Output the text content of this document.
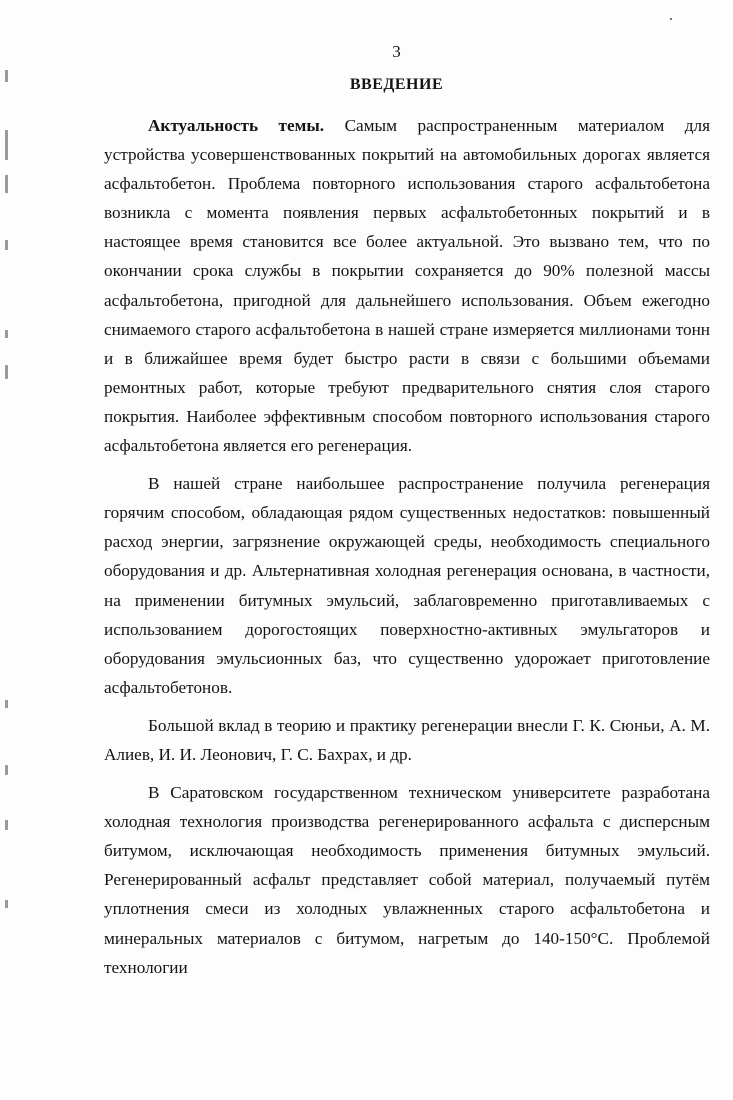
3
ВВЕДЕНИЕ

Актуальность темы. Самым распространенным материалом для устройства усовершенствованных покрытий на автомобильных дорогах является асфальтобетон. Проблема повторного использования старого асфальтобетона возникла с момента появления первых асфальтобетонных покрытий и в настоящее время становится все более актуальной. Это вызвано тем, что по окончании срока службы в покрытии сохраняется до 90% полезной массы асфальтобетона, пригодной для дальнейшего использования. Объем ежегодно снимаемого старого асфальтобетона в нашей стране измеряется миллионами тонн и в ближайшее время будет быстро расти в связи с большими объемами ремонтных работ, которые требуют предварительного снятия слоя старого покрытия. Наиболее эффективным способом повторного использования старого асфальтобетона является его регенерация.

В нашей стране наибольшее распространение получила регенерация горячим способом, обладающая рядом существенных недостатков: повышенный расход энергии, загрязнение окружающей среды, необходимость специального оборудования и др. Альтернативная холодная регенерация основана, в частности, на применении битумных эмульсий, заблаговременно приготавливаемых с использованием дорогостоящих поверхностно-активных эмульгаторов и оборудования эмульсионных баз, что существенно удорожает приготовление асфальтобетонов.

Большой вклад в теорию и практику регенерации внесли Г. К. Сюньи, А. М. Алиев, И. И. Леонович, Г. С. Бахрах, и др.

В Саратовском государственном техническом университете разработана холодная технология производства регенерированного асфальта с дисперсным битумом, исключающая необходимость применения битумных эмульсий. Регенерированный асфальт представляет собой материал, получаемый путём уплотнения смеси из холодных увлажненных старого асфальтобетона и минеральных материалов с битумом, нагретым до 140-150°С. Проблемой технологии
